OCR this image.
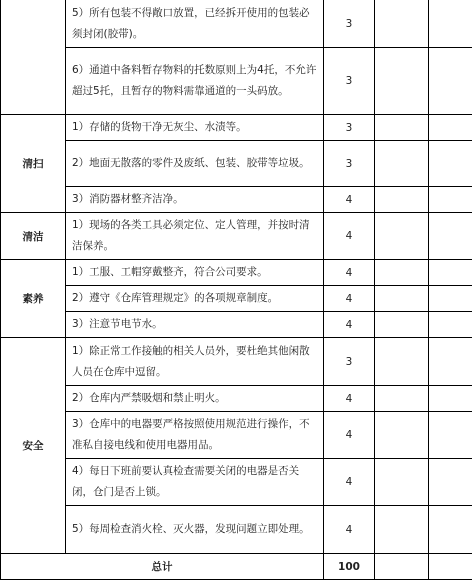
	5）所有包装不得敞口放置，已经拆开使用的包装必须封闭(胶带)。	3		
	6）通道中备料暂存物料的托数原则上为4托，不允许超过5托，且暂存的物料需靠通道的一头码放。	3		
清扫	1）存储的货物干净无灰尘、水渍等。	3		
	2）地面无散落的零件及废纸、包装、胶带等垃圾。	3		
	3）消防器材整齐洁净。	4		
清洁	1）现场的各类工具必须定位、定人管理，并按时清洁保养。	4		
素养	1）工服、工帽穿戴整齐，符合公司要求。	4		
	2）遵守《仓库管理规定》的各项规章制度。	4		
	3）注意节电节水。	4		
安全	1）除正常工作接触的相关人员外，要杜绝其他闲散人员在仓库中逗留。	3		
	2）仓库内严禁吸烟和禁止明火。	4		
	3）仓库中的电器要严格按照使用规范进行操作，不准私自接电线和使用电器用品。	4		
	4）每日下班前要认真检查需要关闭的电器是否关闭，仓门是否上锁。	4		
	5）每周检查消火栓、灭火器，发现问题立即处理。	4		
总计		100		
